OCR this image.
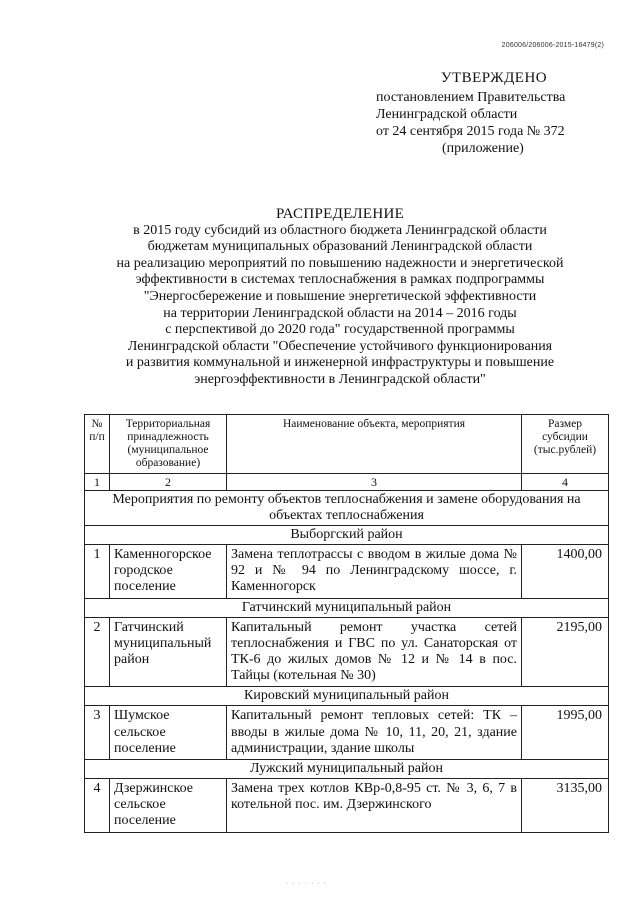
206006/206006-2015-16479(2)
УТВЕРЖДЕНО
постановлением Правительства
Ленинградской области
от 24 сентября 2015 года № 372
(приложение)
РАСПРЕДЕЛЕНИЕ
в 2015 году субсидий из областного бюджета Ленинградской области
бюджетам муниципальных образований Ленинградской области
на реализацию мероприятий по повышению надежности и энергетической
эффективности в системах теплоснабжения в рамках подпрограммы
"Энергосбережение и повышение энергетической эффективности
на территории Ленинградской области на 2014 – 2016 годы
с перспективой до 2020 года" государственной программы
Ленинградской области "Обеспечение устойчивого функционирования
и развития коммунальной и инженерной инфраструктуры и повышение
энергоэффективности в Ленинградской области"
№ п/п	Территориальная принадлежность (муниципальное образование)	Наименование объекта, мероприятия	Размер субсидии (тыс.рублей)
1	2	3	4
Мероприятия по ремонту объектов теплоснабжения и замене оборудования на объектах теплоснабжения			
Выборгский район			
1	Каменногорское городское поселение	Замена теплотрассы с вводом в жилые дома № 92 и № 94 по Ленинградскому шоссе, г. Каменногорск	1400,00
Гатчинский муниципальный район			
2	Гатчинский муниципальный район	Капитальный ремонт участка сетей теплоснабжения и ГВС по ул. Санаторская от ТК-6 до жилых домов № 12 и № 14 в пос. Тайцы (котельная № 30)	2195,00
Кировский муниципальный район			
3	Шумское сельское поселение	Капитальный ремонт тепловых сетей: ТК – вводы в жилые дома № 10, 11, 20, 21, здание администрации, здание школы	1995,00
Лужский муниципальный район			
4	Дзержинское сельское поселение	Замена трех котлов КВр-0,8-95 ст. № 3, 6, 7 в котельной пос. им. Дзержинского	3135,00
· · · · · · ·
